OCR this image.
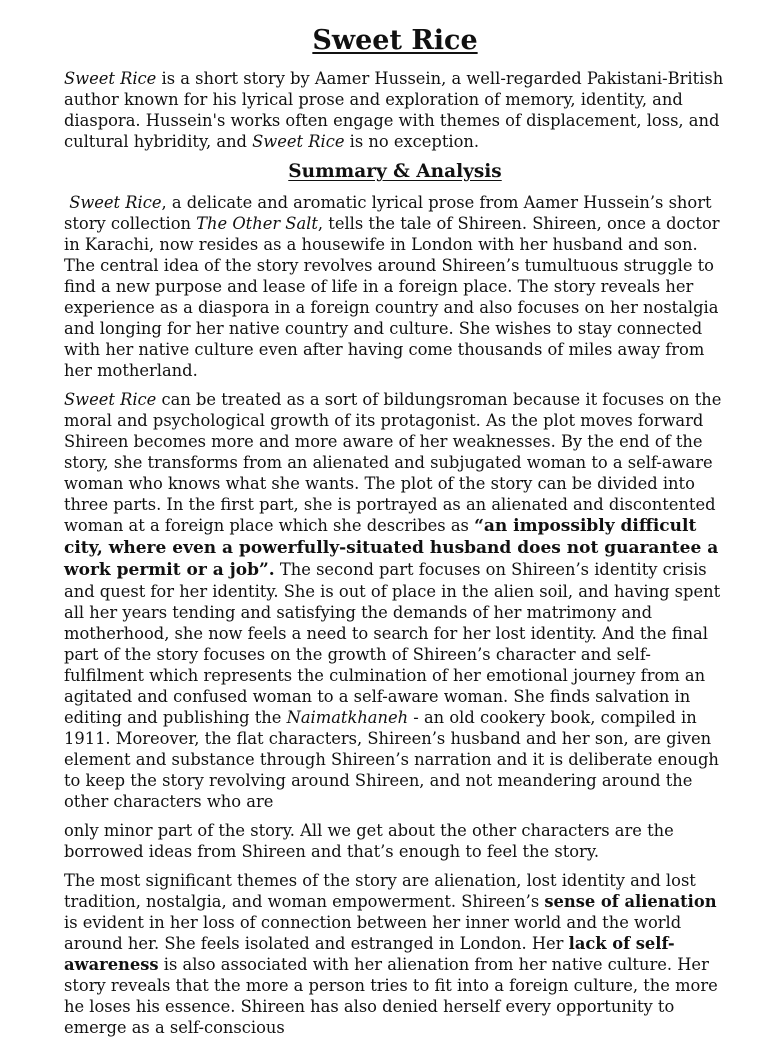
Sweet Rice

Sweet Rice is a short story by Aamer Hussein, a well-regarded Pakistani-British author known for his lyrical prose and exploration of memory, identity, and diaspora. Hussein's works often engage with themes of displacement, loss, and cultural hybridity, and Sweet Rice is no exception.

Summary & Analysis

Sweet Rice, a delicate and aromatic lyrical prose from Aamer Hussein’s short story collection The Other Salt, tells the tale of Shireen. Shireen, once a doctor in Karachi, now resides as a housewife in London with her husband and son. The central idea of the story revolves around Shireen’s tumultuous struggle to find a new purpose and lease of life in a foreign place. The story reveals her experience as a diaspora in a foreign country and also focuses on her nostalgia and longing for her native country and culture. She wishes to stay connected with her native culture even after having come thousands of miles away from her motherland.

Sweet Rice can be treated as a sort of bildungsroman because it focuses on the moral and psychological growth of its protagonist. As the plot moves forward Shireen becomes more and more aware of her weaknesses. By the end of the story, she transforms from an alienated and subjugated woman to a self-aware woman who knows what she wants. The plot of the story can be divided into three parts. In the first part, she is portrayed as an alienated and discontented woman at a foreign place which she describes as “an impossibly difficult city, where even a powerfully-situated husband does not guarantee a work permit or a job”. The second part focuses on Shireen’s identity crisis and quest for her identity. She is out of place in the alien soil, and having spent all her years tending and satisfying the demands of her matrimony and motherhood, she now feels a need to search for her lost identity. And the final part of the story focuses on the growth of Shireen’s character and self-fulfilment which represents the culmination of her emotional journey from an agitated and confused woman to a self-aware woman. She finds salvation in editing and publishing the Naimatkhaneh - an old cookery book, compiled in 1911. Moreover, the flat characters, Shireen’s husband and her son, are given element and substance through Shireen’s narration and it is deliberate enough to keep the story revolving around Shireen, and not meandering around the other characters who are

only minor part of the story. All we get about the other characters are the borrowed ideas from Shireen and that’s enough to feel the story.

The most significant themes of the story are alienation, lost identity and lost tradition, nostalgia, and woman empowerment. Shireen’s sense of alienation is evident in her loss of connection between her inner world and the world around her. She feels isolated and estranged in London. Her lack of self-awareness is also associated with her alienation from her native culture. Her story reveals that the more a person tries to fit into a foreign culture, the more he loses his essence. Shireen has also denied herself every opportunity to emerge as a self-conscious
